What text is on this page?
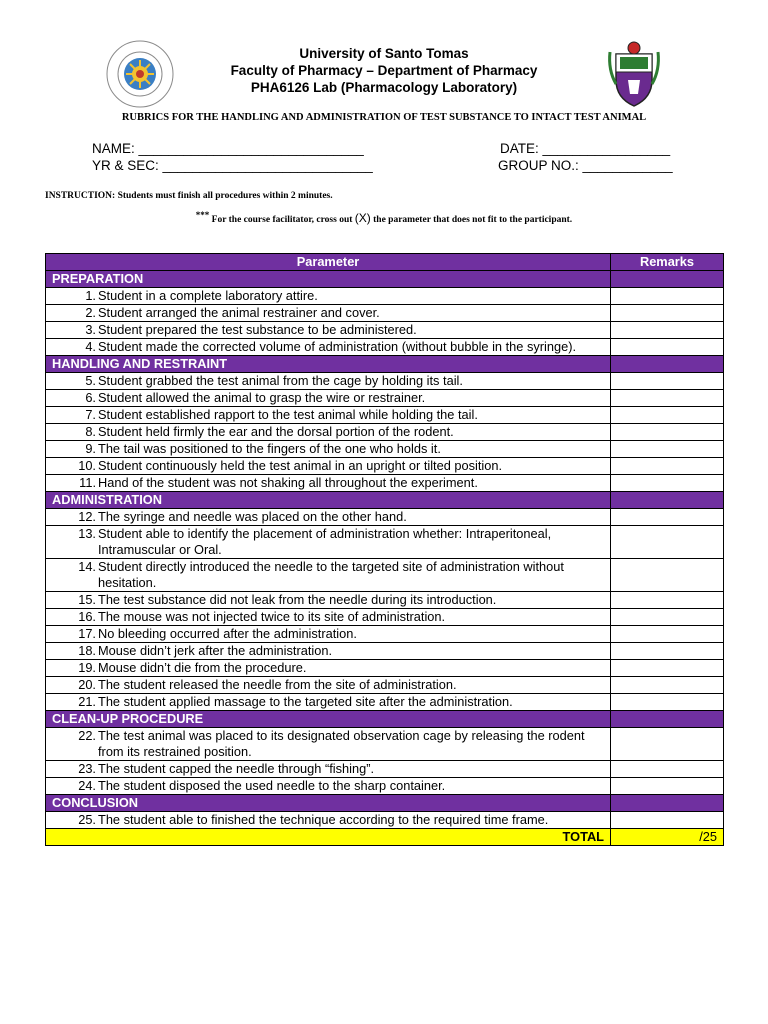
University of Santo Tomas
Faculty of Pharmacy – Department of Pharmacy
PHA6126 Lab (Pharmacology Laboratory)
RUBRICS FOR THE HANDLING AND ADMINISTRATION OF TEST SUBSTANCE TO INTACT TEST ANIMAL
NAME: ______________________________
YR & SEC: ____________________________
DATE: _________________
GROUP NO.: ____________
INSTRUCTION: Students must finish all procedures within 2 minutes.
*** For the course facilitator, cross out (X) the parameter that does not fit to the participant.
Parameter	Remarks
PREPARATION	

1. Student in a complete laboratory attire.	

2. Student arranged the animal restrainer and cover.	

3. Student prepared the test substance to be administered.	

4. Student made the corrected volume of administration (without bubble in the syringe).	
HANDLING AND RESTRAINT	

5. Student grabbed the test animal from the cage by holding its tail.	

6. Student allowed the animal to grasp the wire or restrainer.	

7. Student established rapport to the test animal while holding the tail.	

8. Student held firmly the ear and the dorsal portion of the rodent.	

9. The tail was positioned to the fingers of the one who holds it.	

10. Student continuously held the test animal in an upright or tilted position.	

11. Hand of the student was not shaking all throughout the experiment.	
ADMINISTRATION	

12. The syringe and needle was placed on the other hand.	

13. Student able to identify the placement of administration whether: Intraperitoneal, Intramuscular or Oral.	

14. Student directly introduced the needle to the targeted site of administration without hesitation.	

15. The test substance did not leak from the needle during its introduction.	

16. The mouse was not injected twice to its site of administration.	

17. No bleeding occurred after the administration.	

18. Mouse didn’t jerk after the administration.	

19. Mouse didn’t die from the procedure.	

20. The student released the needle from the site of administration.	

21. The student applied massage to the targeted site after the administration.	
CLEAN-UP PROCEDURE	

22. The test animal was placed to its designated observation cage by releasing the rodent from its restrained position.	

23. The student capped the needle through “fishing”.	

24. The student disposed the used needle to the sharp container.	
CONCLUSION	

25. The student able to finished the technique according to the required time frame.	
TOTAL	/25
